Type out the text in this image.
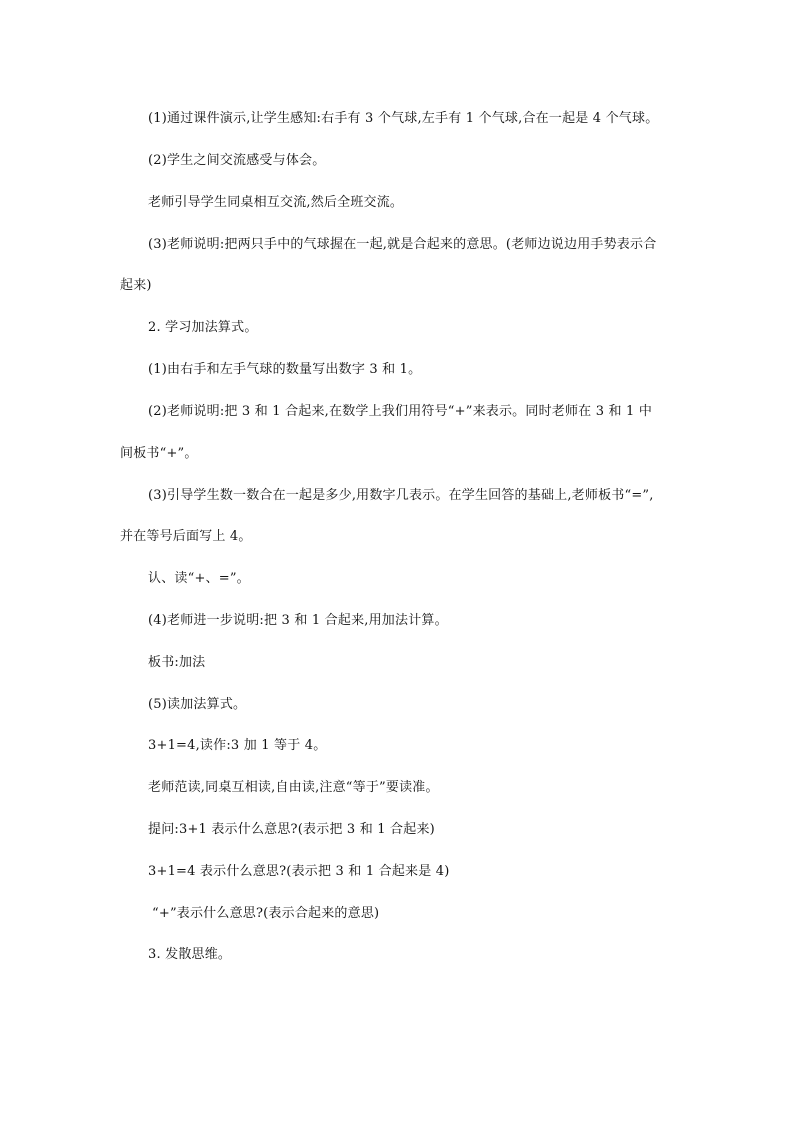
(1)通过课件演示,让学生感知:右手有 3 个气球,左手有 1 个气球,合在一起是 4 个气球。
(2)学生之间交流感受与体会。
老师引导学生同桌相互交流,然后全班交流。
(3)老师说明:把两只手中的气球握在一起,就是合起来的意思。(老师边说边用手势表示合
起来)
2. 学习加法算式。
(1)由右手和左手气球的数量写出数字 3 和 1。
(2)老师说明:把 3 和 1 合起来,在数学上我们用符号“+”来表示。同时老师在 3 和 1 中
间板书“+”。
(3)引导学生数一数合在一起是多少,用数字几表示。在学生回答的基础上,老师板书“=”,
并在等号后面写上 4。
认、读“+、=”。
(4)老师进一步说明:把 3 和 1 合起来,用加法计算。
板书:加法
(5)读加法算式。
3+1=4,读作:3 加 1 等于 4。
老师范读,同桌互相读,自由读,注意“等于”要读准。
提问:3+1 表示什么意思?(表示把 3 和 1 合起来)
3+1=4 表示什么意思?(表示把 3 和 1 合起来是 4)
“+”表示什么意思?(表示合起来的意思)
3. 发散思维。
